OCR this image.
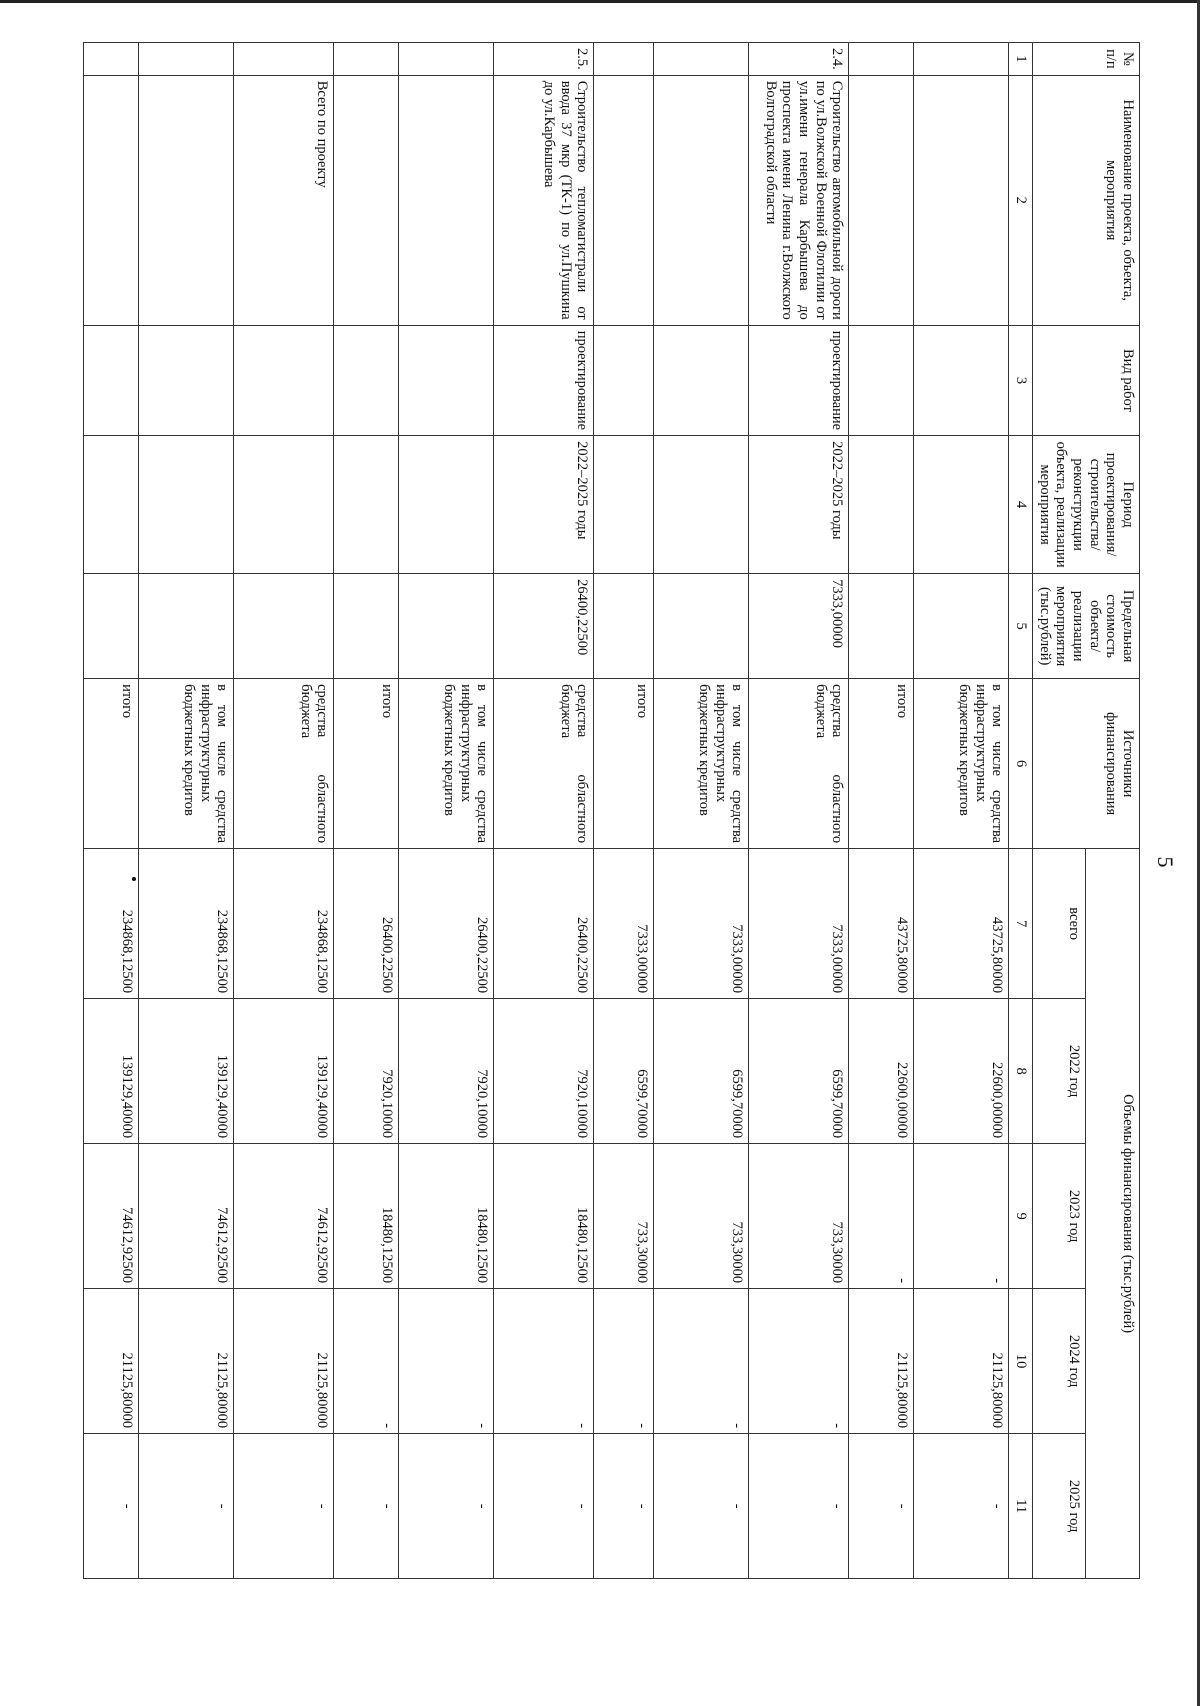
5
№ п/п	Наименование проекта, объекта, мероприятия	Вид работ	Период проектирования/ строительства/ реконструкции объекта, реализации мероприятия	Предельная стоимость объекта/ реализации мероприятия (тыс.рублей)	Источники финансирования	Объемы финансирования (тыс.рублей)				
						всего	2022 год	2023 год	2024 год	2025 год
1	2	3	4	5	6	7	8	9	10	11
					в том числе средства инфраструктурных бюджетных кредитов	43725,80000	22600,00000	-	21125,80000	-
					итого	43725,80000	22600,00000	-	21125,80000	-
2.4.	Строительство автомобильной дороги по ул.Волжской Военной Флотилии от ул.имени генерала Карбышева до проспекта имени Ленина г.Волжского Волгоградской области	проектирование	2022–2025 годы	7333,00000	средства областного бюджета	7333,00000	6599,70000	733,30000	-	-
					в том числе средства инфраструктурных бюджетных кредитов	7333,00000	6599,70000	733,30000	-	-
					итого	7333,00000	6599,70000	733,30000	-	-
2.5.	Строительство тепломагистрали от ввода 37 мкр (ТК-1) по ул.Пушкина до ул.Карбышева	проектирование	2022–2025 годы	26400,22500	средства областного бюджета	26400,22500	7920,10000	18480,12500	-	-
					в том числе средства инфраструктурных бюджетных кредитов	26400,22500	7920,10000	18480,12500	-	-
					итого	26400,22500	7920,10000	18480,12500	-	-
	Всего по проекту				средства областного бюджета	234868,12500	139129,40000	74612,92500	21125,80000	-
					в том числе средства инфраструктурных бюджетных кредитов	234868,12500	139129,40000	74612,92500	21125,80000	-
					итого	234868,12500	139129,40000	74612,92500	21125,80000	-
